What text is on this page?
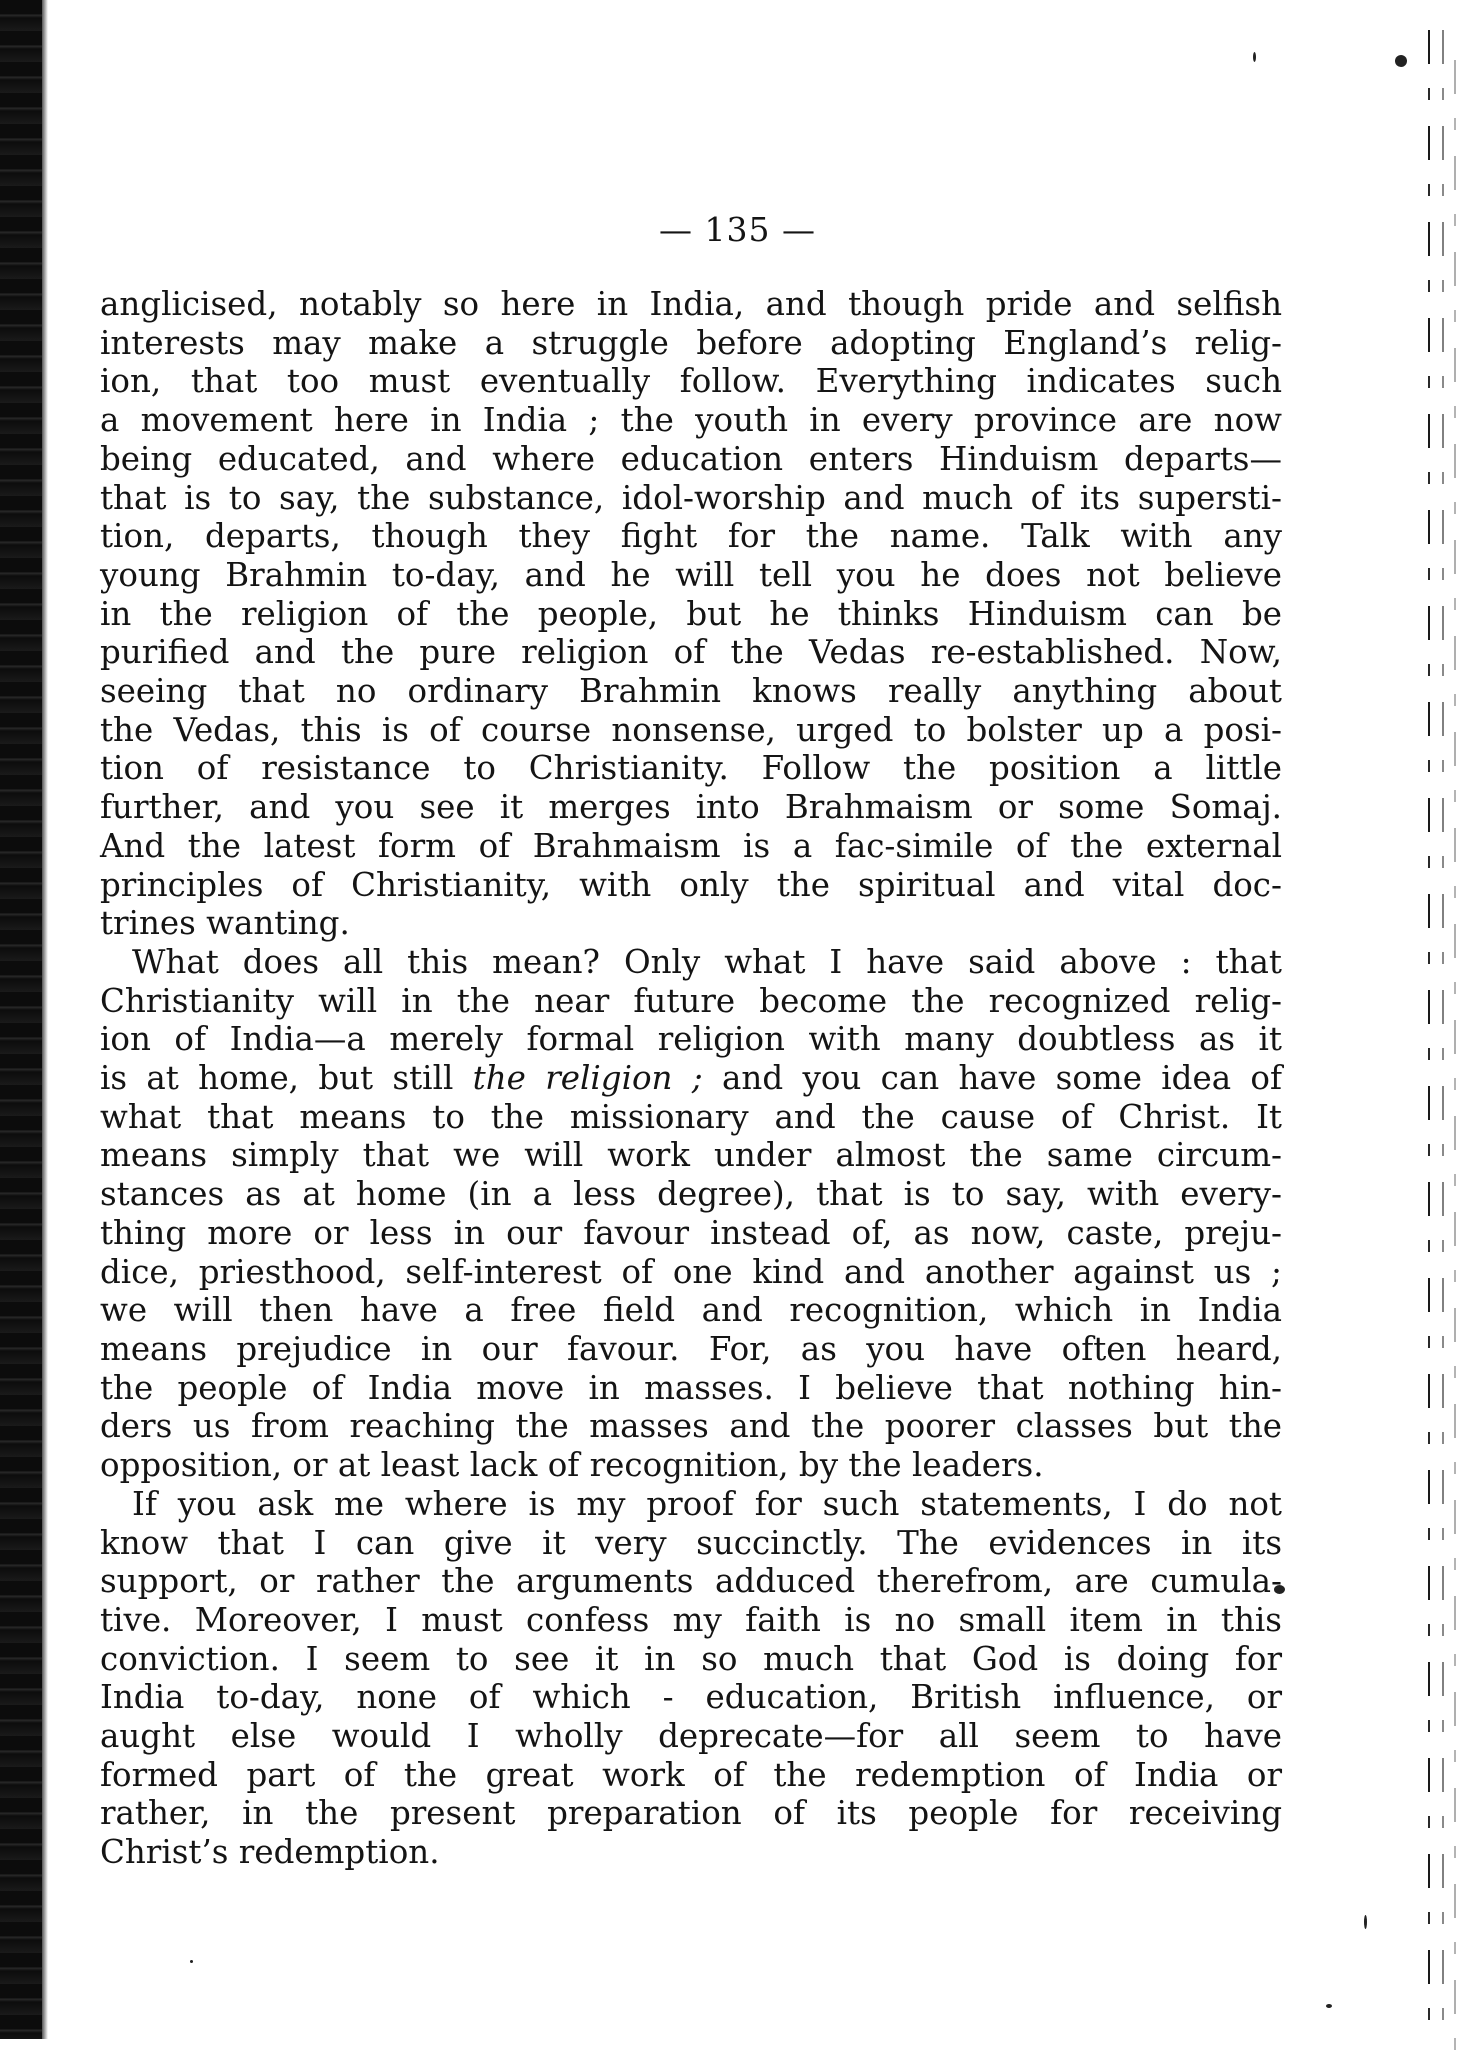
— 135 —
anglicised, notably so here in India, and though pride and selfish
interests may make a struggle before adopting England’s relig-
ion, that too must eventually follow. Everything indicates such
a movement here in India ; the youth in every province are now
being educated, and where education enters Hinduism departs—
that is to say, the substance, idol-worship and much of its supersti-
tion, departs, though they fight for the name. Talk with any
young Brahmin to-day, and he will tell you he does not believe
in the religion of the people, but he thinks Hinduism can be
purified and the pure religion of the Vedas re-established. Now,
seeing that no ordinary Brahmin knows really anything about
the Vedas, this is of course nonsense, urged to bolster up a posi-
tion of resistance to Christianity. Follow the position a little
further, and you see it merges into Brahmaism or some Somaj.
And the latest form of Brahmaism is a fac-simile of the external
principles of Christianity, with only the spiritual and vital doc-
trines wanting.
What does all this mean? Only what I have said above : that
Christianity will in the near future become the recognized relig-
ion of India—a merely formal religion with many doubtless as it
is at home, but still the religion ; and you can have some idea of
what that means to the missionary and the cause of Christ. It
means simply that we will work under almost the same circum-
stances as at home (in a less degree), that is to say, with every-
thing more or less in our favour instead of, as now, caste, preju-
dice, priesthood, self-interest of one kind and another against us ;
we will then have a free field and recognition, which in India
means prejudice in our favour. For, as you have often heard,
the people of India move in masses. I believe that nothing hin-
ders us from reaching the masses and the poorer classes but the
opposition, or at least lack of recognition, by the leaders.
If you ask me where is my proof for such statements, I do not
know that I can give it very succinctly. The evidences in its
support, or rather the arguments adduced therefrom, are cumula-
tive. Moreover, I must confess my faith is no small item in this
conviction. I seem to see it in so much that God is doing for
India to-day, none of which - education, British influence, or
aught else would I wholly deprecate—for all seem to have
formed part of the great work of the redemption of India or
rather, in the present preparation of its people for receiving
Christ’s redemption.
